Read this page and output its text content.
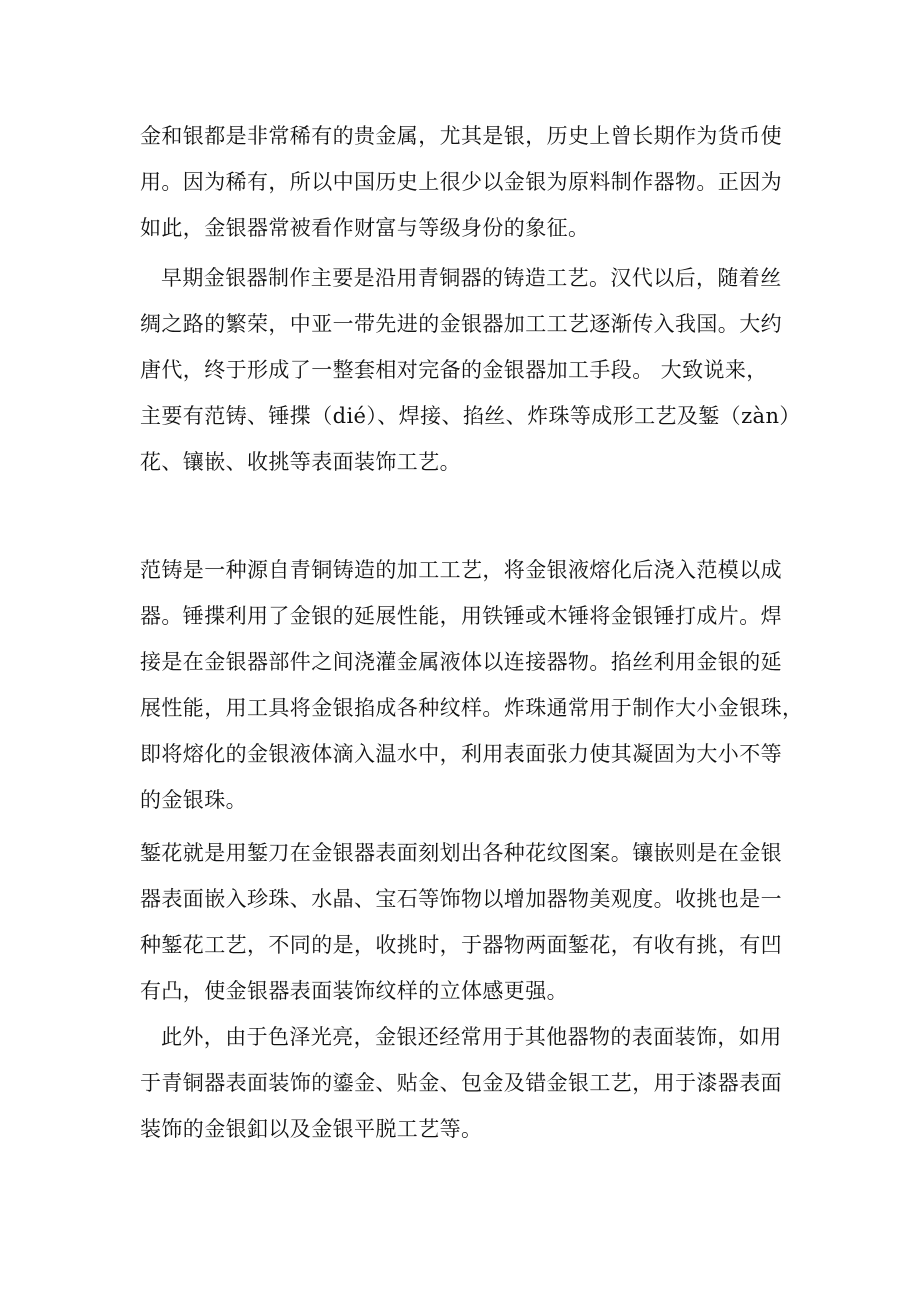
金和银都是非常稀有的贵金属，尤其是银，历史上曾长期作为货币使
用。因为稀有，所以中国历史上很少以金银为原料制作器物。正因为
如此，金银器常被看作财富与等级身份的象征。
早期金银器制作主要是沿用青铜器的铸造工艺。汉代以后，随着丝
绸之路的繁荣，中亚一带先进的金银器加工工艺逐渐传入我国。大约
唐代，终于形成了一整套相对完备的金银器加工手段。 大致说来，
主要有范铸、锤揲（dié）、焊接、掐丝、炸珠等成形工艺及錾（zàn）
花、镶嵌、收挑等表面装饰工艺。
范铸是一种源自青铜铸造的加工工艺，将金银液熔化后浇入范模以成
器。锤揲利用了金银的延展性能，用铁锤或木锤将金银锤打成片。焊
接是在金银器部件之间浇灌金属液体以连接器物。掐丝利用金银的延
展性能，用工具将金银掐成各种纹样。炸珠通常用于制作大小金银珠，
即将熔化的金银液体滴入温水中，利用表面张力使其凝固为大小不等
的金银珠。
錾花就是用錾刀在金银器表面刻划出各种花纹图案。镶嵌则是在金银
器表面嵌入珍珠、水晶、宝石等饰物以增加器物美观度。收挑也是一
种錾花工艺，不同的是，收挑时，于器物两面錾花，有收有挑，有凹
有凸，使金银器表面装饰纹样的立体感更强。
此外，由于色泽光亮，金银还经常用于其他器物的表面装饰，如用
于青铜器表面装饰的鎏金、贴金、包金及错金银工艺，用于漆器表面
装饰的金银釦以及金银平脱工艺等。
